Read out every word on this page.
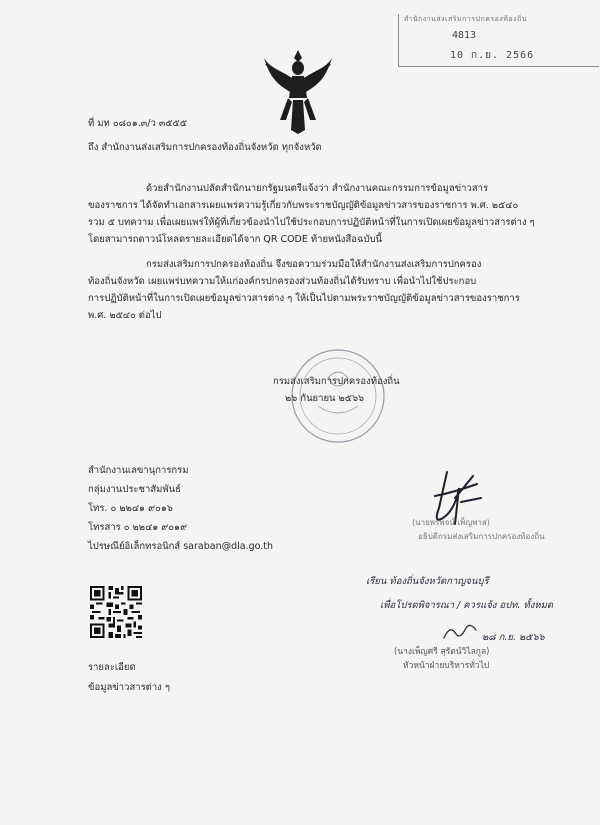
สำนักงานส่งเสริมการปกครองท้องถิ่น
4813
10 ก.ย. 2566
ที่ มท ๐๘๐๑.๓/ว ๓๕๕๕
ถึง สำนักงานส่งเสริมการปกครองท้องถิ่นจังหวัด ทุกจังหวัด
ด้วยสำนักงานปลัดสำนักนายกรัฐมนตรีแจ้งว่า สำนักงานคณะกรรมการข้อมูลข่าวสาร
ของราชการ ได้จัดทำเอกสารเผยแพร่ความรู้เกี่ยวกับพระราชบัญญัติข้อมูลข่าวสารของราชการ พ.ศ. ๒๕๔๐
รวม ๕ บทความ เพื่อเผยแพร่ให้ผู้ที่เกี่ยวข้องนำไปใช้ประกอบการปฏิบัติหน้าที่ในการเปิดเผยข้อมูลข่าวสารต่าง ๆ
โดยสามารถดาวน์โหลดรายละเอียดได้จาก QR CODE ท้ายหนังสือฉบับนี้
กรมส่งเสริมการปกครองท้องถิ่น จึงขอความร่วมมือให้สำนักงานส่งเสริมการปกครอง
ท้องถิ่นจังหวัด เผยแพร่บทความให้แก่องค์กรปกครองส่วนท้องถิ่นได้รับทราบ เพื่อนำไปใช้ประกอบ
การปฏิบัติหน้าที่ในการเปิดเผยข้อมูลข่าวสารต่าง ๆ ให้เป็นไปตามพระราชบัญญัติข้อมูลข่าวสารของราชการ
พ.ศ. ๒๕๔๐ ต่อไป
กรมส่งเสริมการปกครองท้องถิ่น
๒๖ กันยายน ๒๕๖๖
สำนักงานเลขานุการกรม
กลุ่มงานประชาสัมพันธ์
โทร. ๐ ๒๒๔๑ ๙๐๑๖
โทรสาร ๐ ๒๒๔๑ ๙๐๑๙
ไปรษณีย์อิเล็กทรอนิกส์ saraban@dla.go.th
(นายพรพจน์ เพ็ญพาส)
อธิบดีกรมส่งเสริมการปกครองท้องถิ่น
รายละเอียด
ข้อมูลข่าวสารต่าง ๆ
เรียน ท้องถิ่นจังหวัดกาญจนบุรี
เพื่อโปรดพิจารณา / ควรแจ้ง อปท. ทั้งหมด
๒๘ ก.ย. ๒๕๖๖
(นางเพ็ญศรี สุรัตน์วิไลกูล)
หัวหน้าฝ่ายบริหารทั่วไป
